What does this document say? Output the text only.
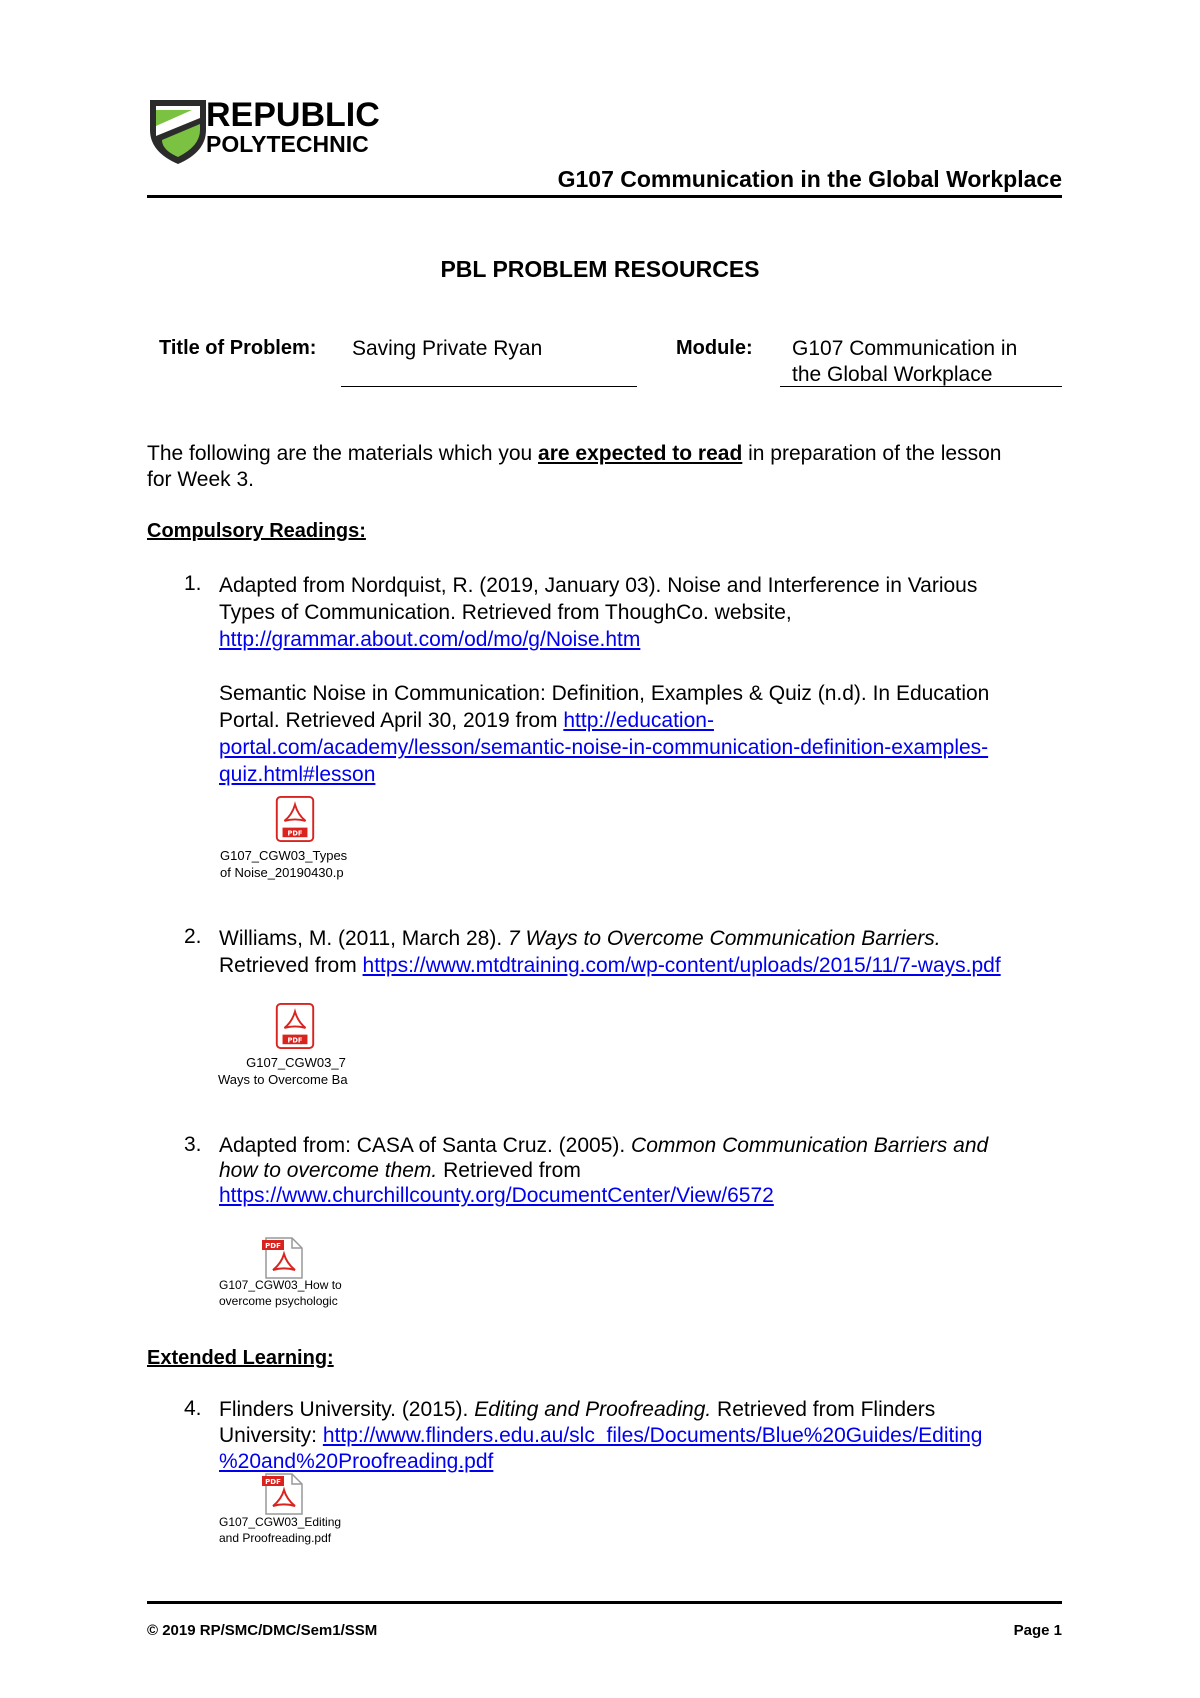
REPUBLIC
POLYTECHNIC
G107 Communication in the Global Workplace
PBL PROBLEM RESOURCES
Title of Problem: Saving Private Ryan	Module: G107 Communication in
the Global Workplace
The following are the materials which you are expected to read in preparation of the lesson
for Week 3.
Compulsory Readings:
1. Adapted from Nordquist, R. (2019, January 03). Noise and Interference in Various
Types of Communication. Retrieved from ThoughCo. website,
http://grammar.about.com/od/mo/g/Noise.htm
Semantic Noise in Communication: Definition, Examples & Quiz (n.d). In Education
Portal. Retrieved April 30, 2019 from http://education-
portal.com/academy/lesson/semantic-noise-in-communication-definition-examples-
quiz.html#lesson
PDF
G107_CGW03_Types
of Noise_20190430.p
2. Williams, M. (2011, March 28). 7 Ways to Overcome Communication Barriers.
Retrieved from https://www.mtdtraining.com/wp-content/uploads/2015/11/7-ways.pdf
PDF
G107_CGW03_7
Ways to Overcome Ba
3. Adapted from: CASA of Santa Cruz. (2005). Common Communication Barriers and
how to overcome them. Retrieved from
https://www.churchillcounty.org/DocumentCenter/View/6572
PDF
G107_CGW03_How to
overcome psychologic
Extended Learning:
4. Flinders University. (2015). Editing and Proofreading. Retrieved from Flinders
University: http://www.flinders.edu.au/slc_files/Documents/Blue%20Guides/Editing
%20and%20Proofreading.pdf
PDF
G107_CGW03_Editing
and Proofreading.pdf
© 2019 RP/SMC/DMC/Sem1/SSM	Page 1
